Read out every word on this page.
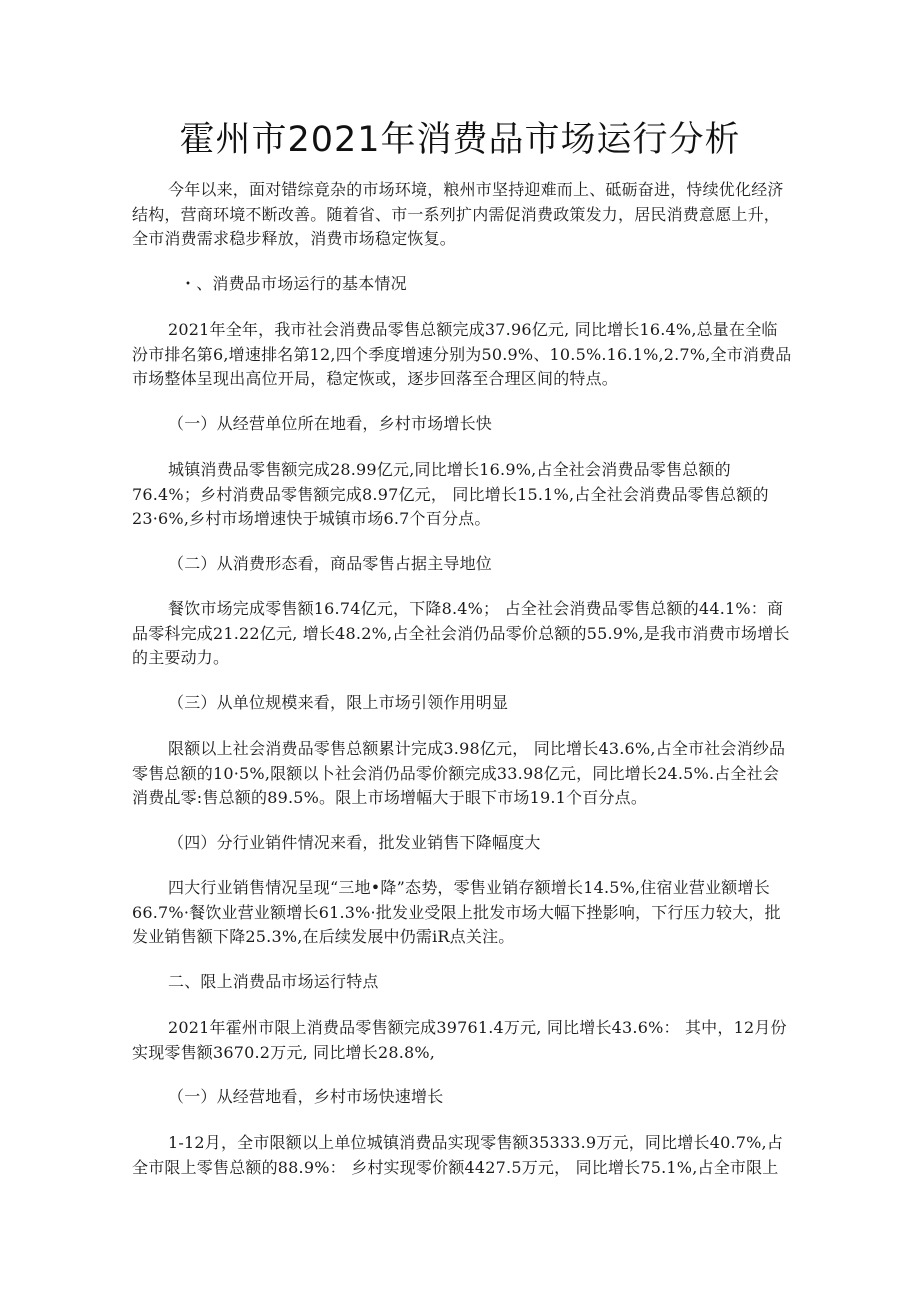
霍州市2021年消费品市场运行分析

今年以来，面对错综竟杂的市场环境，粮州市坚持迎难而上、砥砺奋进，恃续优化经济结构，营商环境不断改善。随着省、市一系列扩内需促消费政策发力，居民消费意愿上升，全市消费需求稳步释放，消费市场稳定恢复。

・、消费品市场运行的基本情况

2021年全年，我市社会消费品零售总额完成37.96亿元, 同比增长16.4%,总量在全临汾市排名第6,增速排名第12,四个季度增速分别为50.9%、10.5%.16.1%,2.7%,全市消费品市场整体呈现出高位开局，稳定恢或，逐步回落至合理区间的特点。

（一）从经营单位所在地看，乡村市场增长快

城镇消费品零售额完成28.99亿元,同比增长16.9%,占全社会消费品零售总额的76.4%；乡村消费品零售额完成8.97亿元， 同比增长15.1%,占全社会消费品零售总额的23·6%,乡村市场增速快于城镇市场6.7个百分点。

（二）从消费形态看，商品零售占据主导地位

餐饮市场完成零售额16.74亿元，下降8.4%； 占全社会消费品零售总额的44.1%：商品零科完成21.22亿元, 增长48.2%,占全社会消仍品零价总额的55.9%,是我市消费市场增长的主要动力。

（三）从单位规模来看，限上市场引领作用明显

限额以上社会消费品零售总额累计完成3.98亿元， 同比增长43.6%,占全市社会消纱品零售总额的10·5%,限额以卜社会消仍品零价额完成33.98亿元，同比增长24.5%.占全社会消费乩零:售总额的89.5%。限上市场增幅大于眼下市场19.1个百分点。

（四）分行业销件情况来看，批发业销售下降幅度大

四大行业销售情况呈现“三地•降”态势，零售业销存额增长14.5%,住宿业营业额增长66.7%·餐饮业营业额增长61.3%·批发业受限上批发市场大幅下挫影响，下行压力较大，批发业销售额下降25.3%,在后续发展中仍需iR点关注。

二、限上消费品市场运行特点

2021年霍州市限上消费品零售额完成39761.4万元, 同比增长43.6%： 其中，12月份实现零售额3670.2万元, 同比增长28.8%,

（一）从经营地看，乡村市场快速增长

1-12月，全市限额以上单位城镇消费品实现零售额35333.9万元，同比增长40.7%,占全市限上零售总额的88.9%： 乡村实现零价额4427.5万元， 同比增长75.1%,占全市限上
